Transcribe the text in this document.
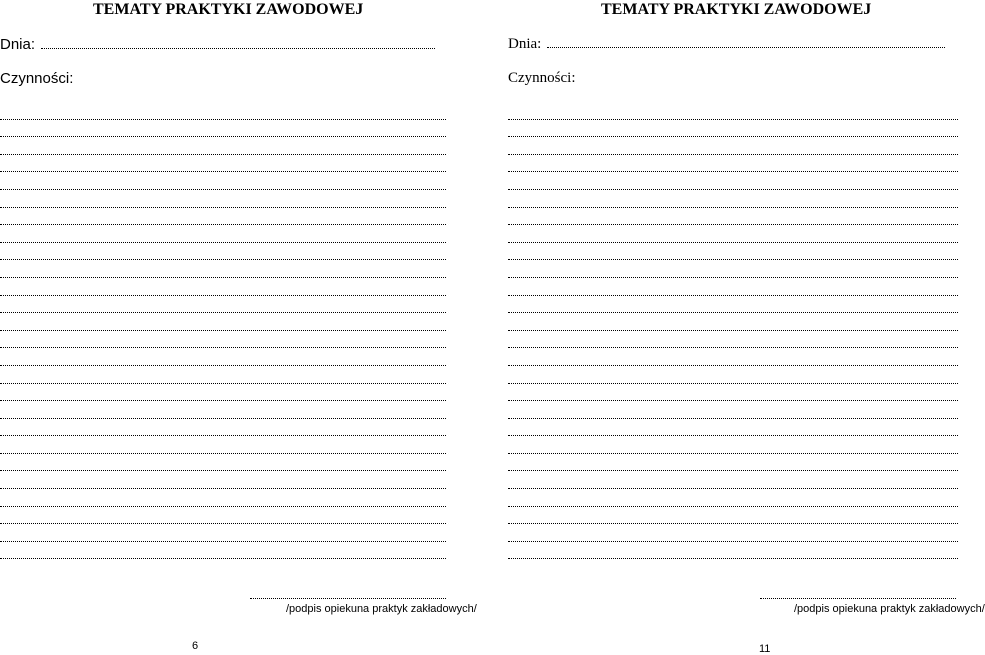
TEMATY PRAKTYKI ZAWODOWEJ
Dnia:
Czynności:
/podpis opiekuna praktyk zakładowych/
6
TEMATY PRAKTYKI ZAWODOWEJ
Dnia:
Czynności:
/podpis opiekuna praktyk zakładowych/
11
